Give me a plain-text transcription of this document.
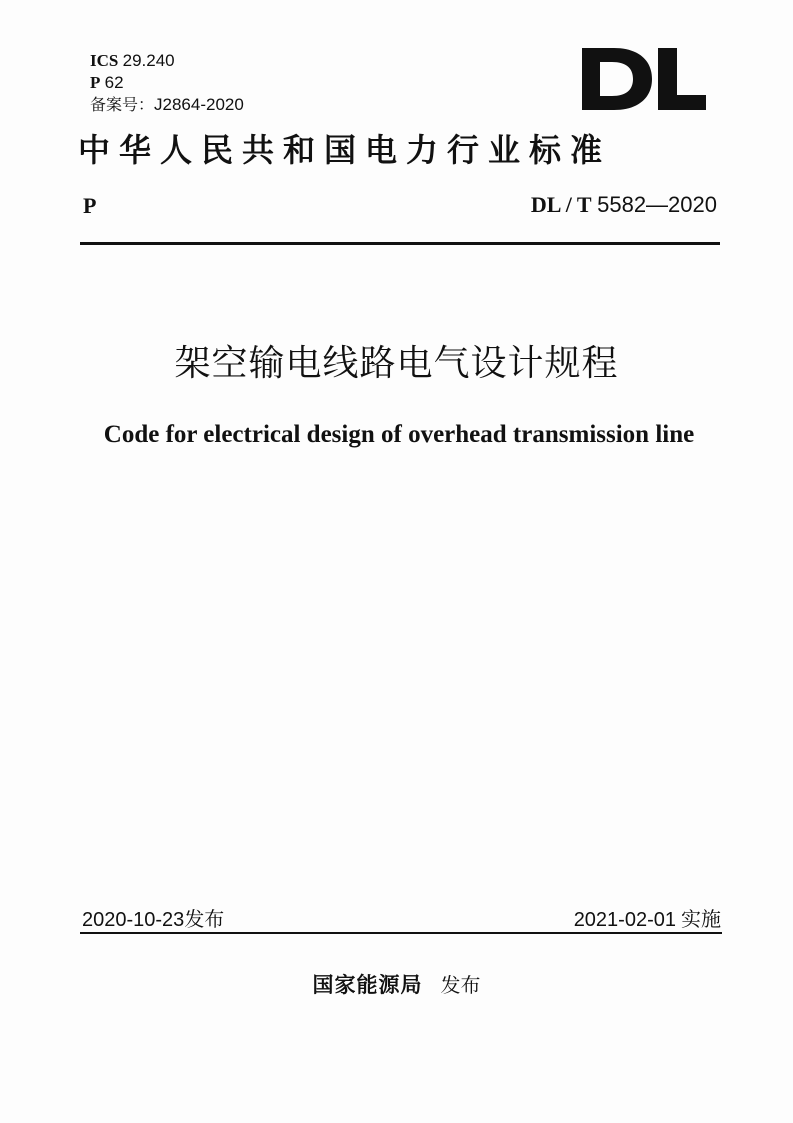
ICS 29.240
P 62
备案号：J2864-2020
中华人民共和国电力行业标准
P	DL / T 5582—2020
架空输电线路电气设计规程
Code for electrical design of overhead transmission line
2020-10-23发布	2021-02-01 实施
国家能源局 发布
